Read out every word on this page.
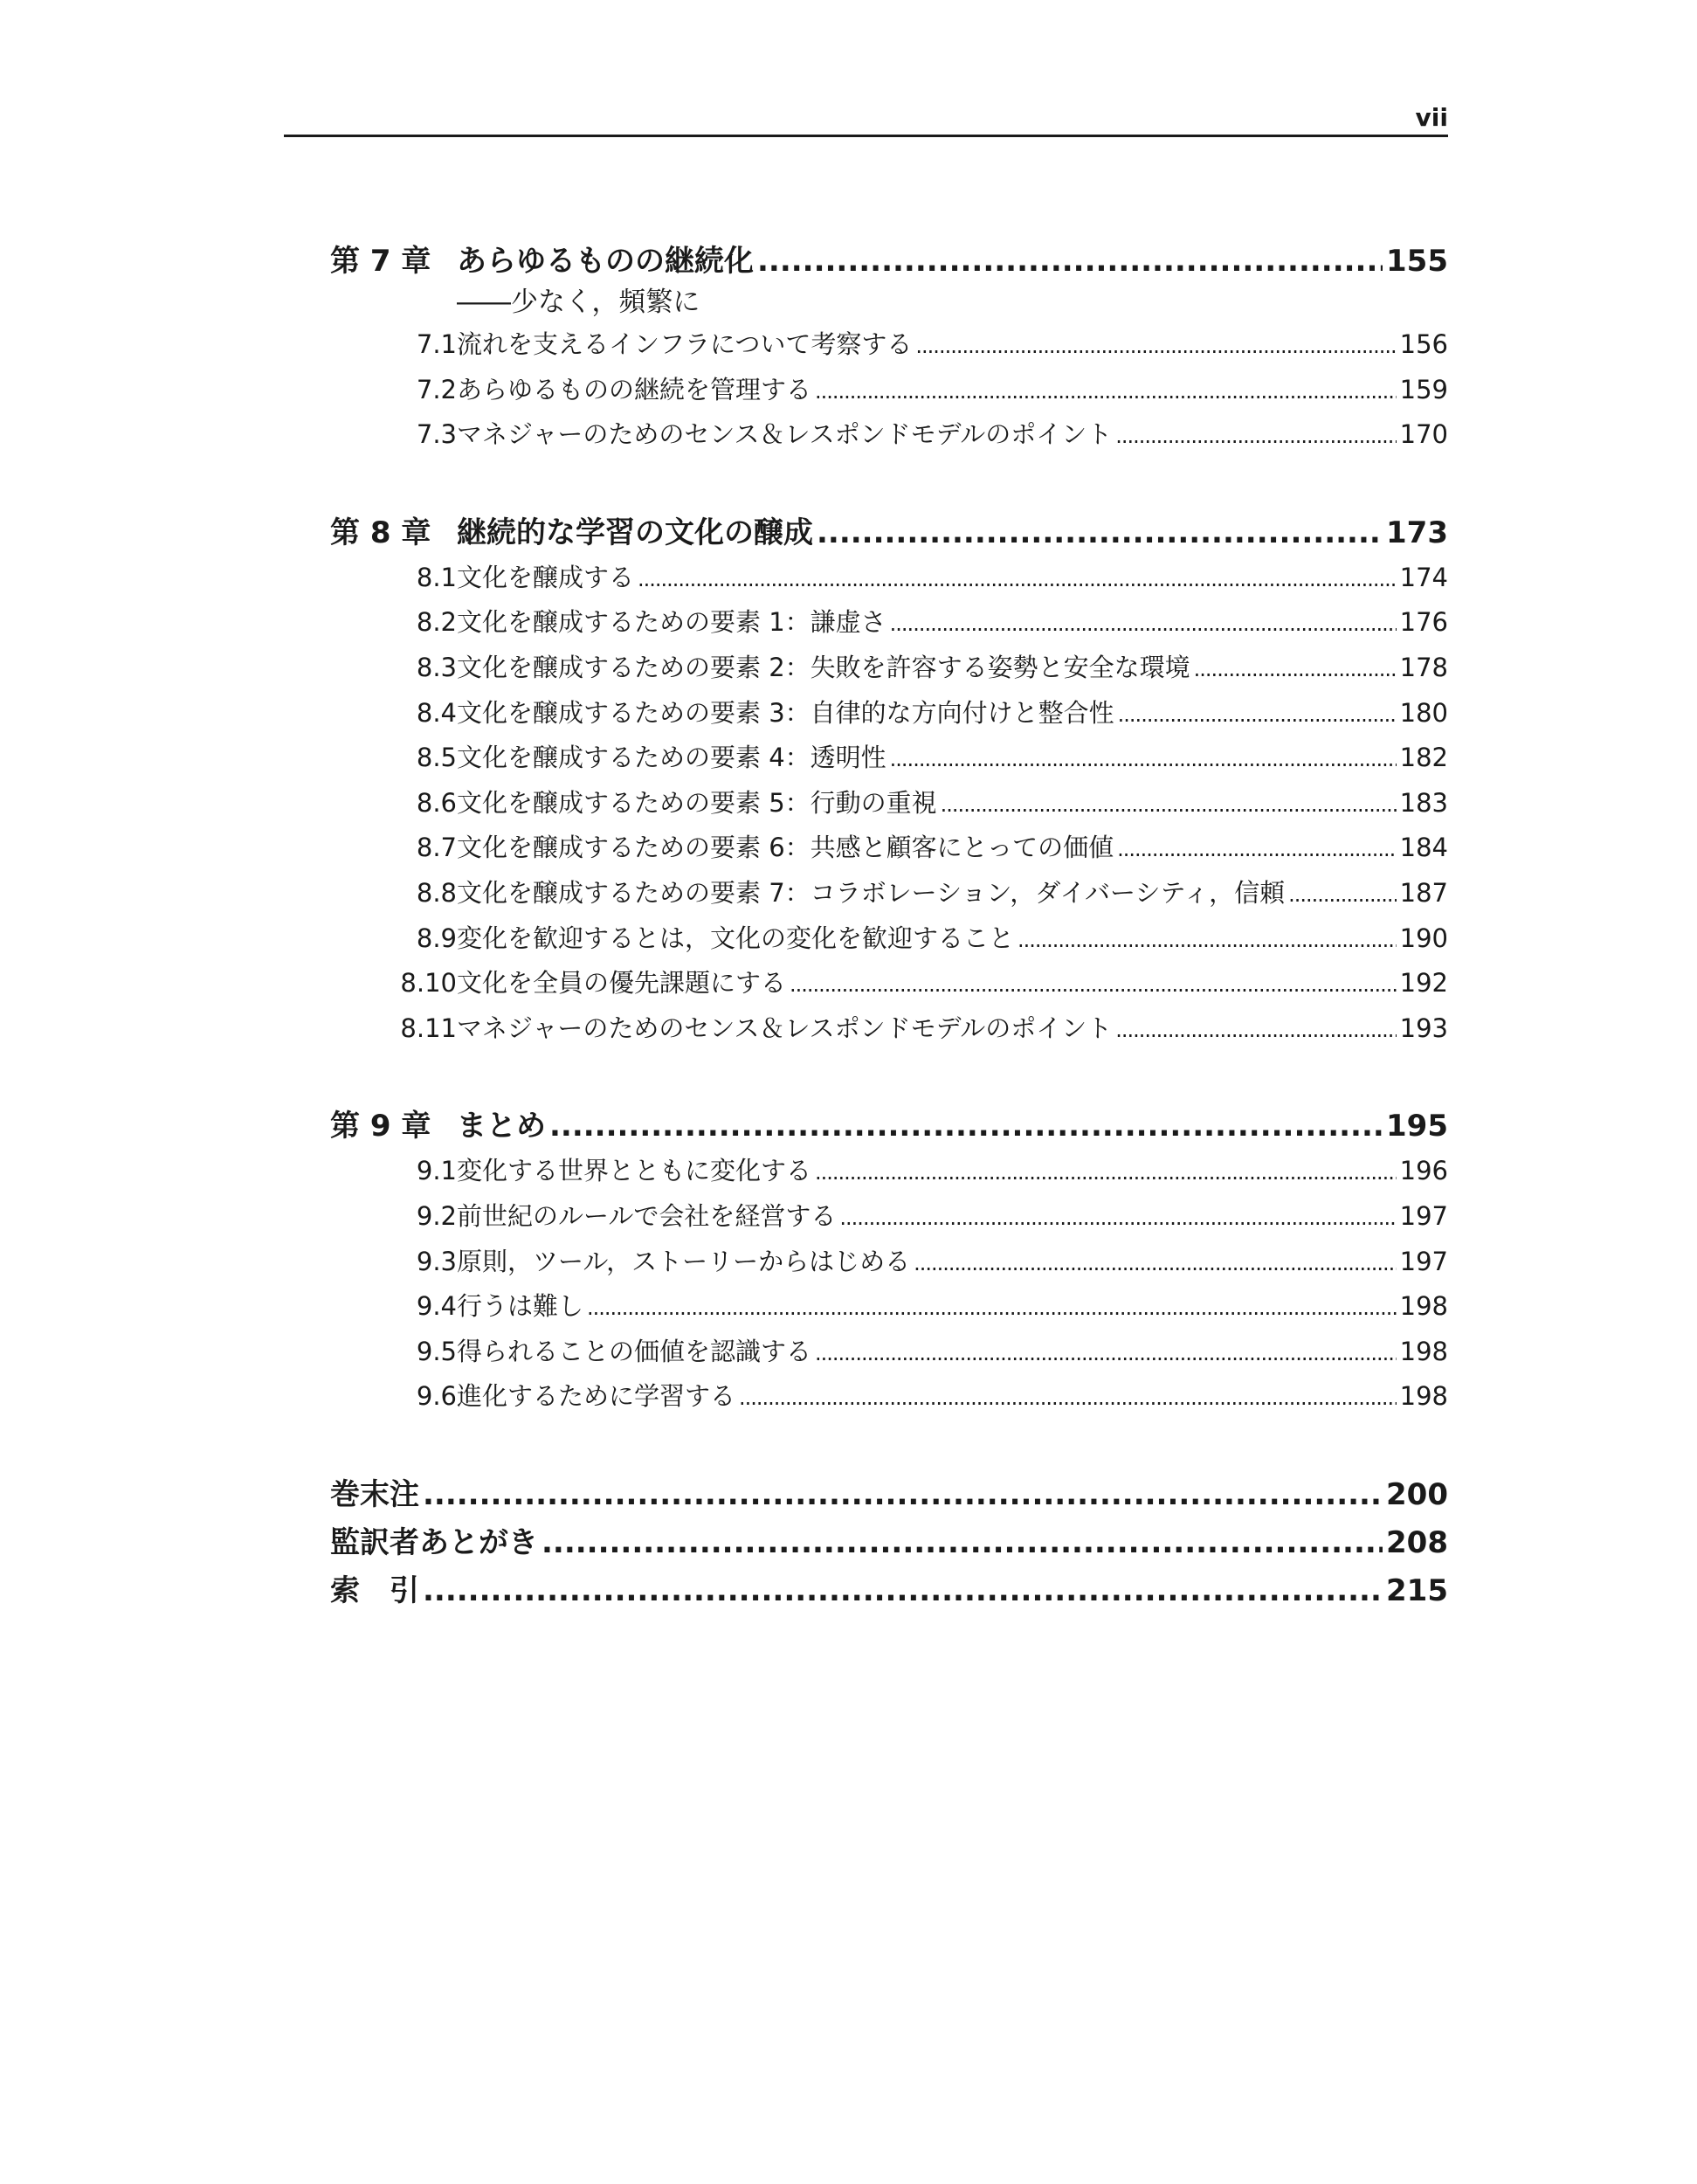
vii
第 7 章 あらゆるものの継続化 .....	155
――少なく，頻繁に
7.1 流れを支えるインフラについて考察する .....	156
7.2 あらゆるものの継続を管理する .....	159
7.3 マネジャーのためのセンス＆レスポンドモデルのポイント .....	170
第 8 章 継続的な学習の文化の醸成 .....	173
8.1 文化を醸成する .....	174
8.2 文化を醸成するための要素 1：謙虚さ .....	176
8.3 文化を醸成するための要素 2：失敗を許容する姿勢と安全な環境 .....	178
8.4 文化を醸成するための要素 3：自律的な方向付けと整合性 .....	180
8.5 文化を醸成するための要素 4：透明性 .....	182
8.6 文化を醸成するための要素 5：行動の重視 .....	183
8.7 文化を醸成するための要素 6：共感と顧客にとっての価値 .....	184
8.8 文化を醸成するための要素 7：コラボレーション，ダイバーシティ，信頼 .....	187
8.9 変化を歓迎するとは，文化の変化を歓迎すること .....	190
8.10 文化を全員の優先課題にする .....	192
8.11 マネジャーのためのセンス＆レスポンドモデルのポイント .....	193
第 9 章 まとめ .....	195
9.1 変化する世界とともに変化する .....	196
9.2 前世紀のルールで会社を経営する .....	197
9.3 原則，ツール，ストーリーからはじめる .....	197
9.4 行うは難し .....	198
9.5 得られることの価値を認識する .....	198
9.6 進化するために学習する .....	198
巻末注 .....	200
監訳者あとがき .....	208
索　引 .....	215
